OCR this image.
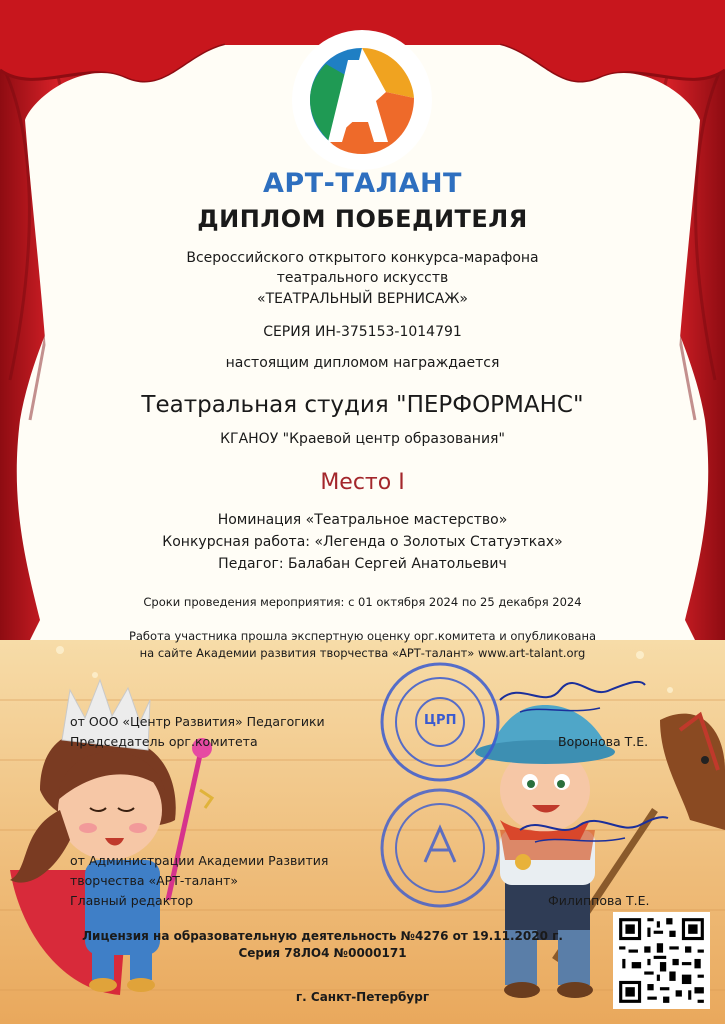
АРТ-ТАЛАНТ
ДИПЛОМ ПОБЕДИТЕЛЯ
Всероссийского открытого конкурса-марафона
театрального искусств
«ТЕАТРАЛЬНЫЙ ВЕРНИСАЖ»
СЕРИЯ ИН-375153-1014791
настоящим дипломом награждается
Театральная студия "ПЕРФОРМАНС"
КГАНОУ "Краевой центр образования"
Место I
Номинация «Театральное мастерство»
Конкурсная работа: «Легенда о Золотых Статуэтках»
Педагог: Балабан Сергей Анатольевич
Сроки проведения мероприятия: с 01 октября 2024 по 25 декабря 2024
Работа участника прошла экспертную оценку орг.комитета и опубликована
на сайте Академии развития творчества «АРТ-талант» www.art-talant.org
от ООО «Центр Развития» Педагогики
Председатель орг.комитета	Воронова Т.Е.
ЦРП
от Администрации Академии Развития
творчества «АРТ-талант»
Главный редактор	Филиппова Т.Е.
Лицензия на образовательную деятельность №4276 от 19.11.2020 г.
Серия 78ЛО4 №0000171
г. Санкт-Петербург
